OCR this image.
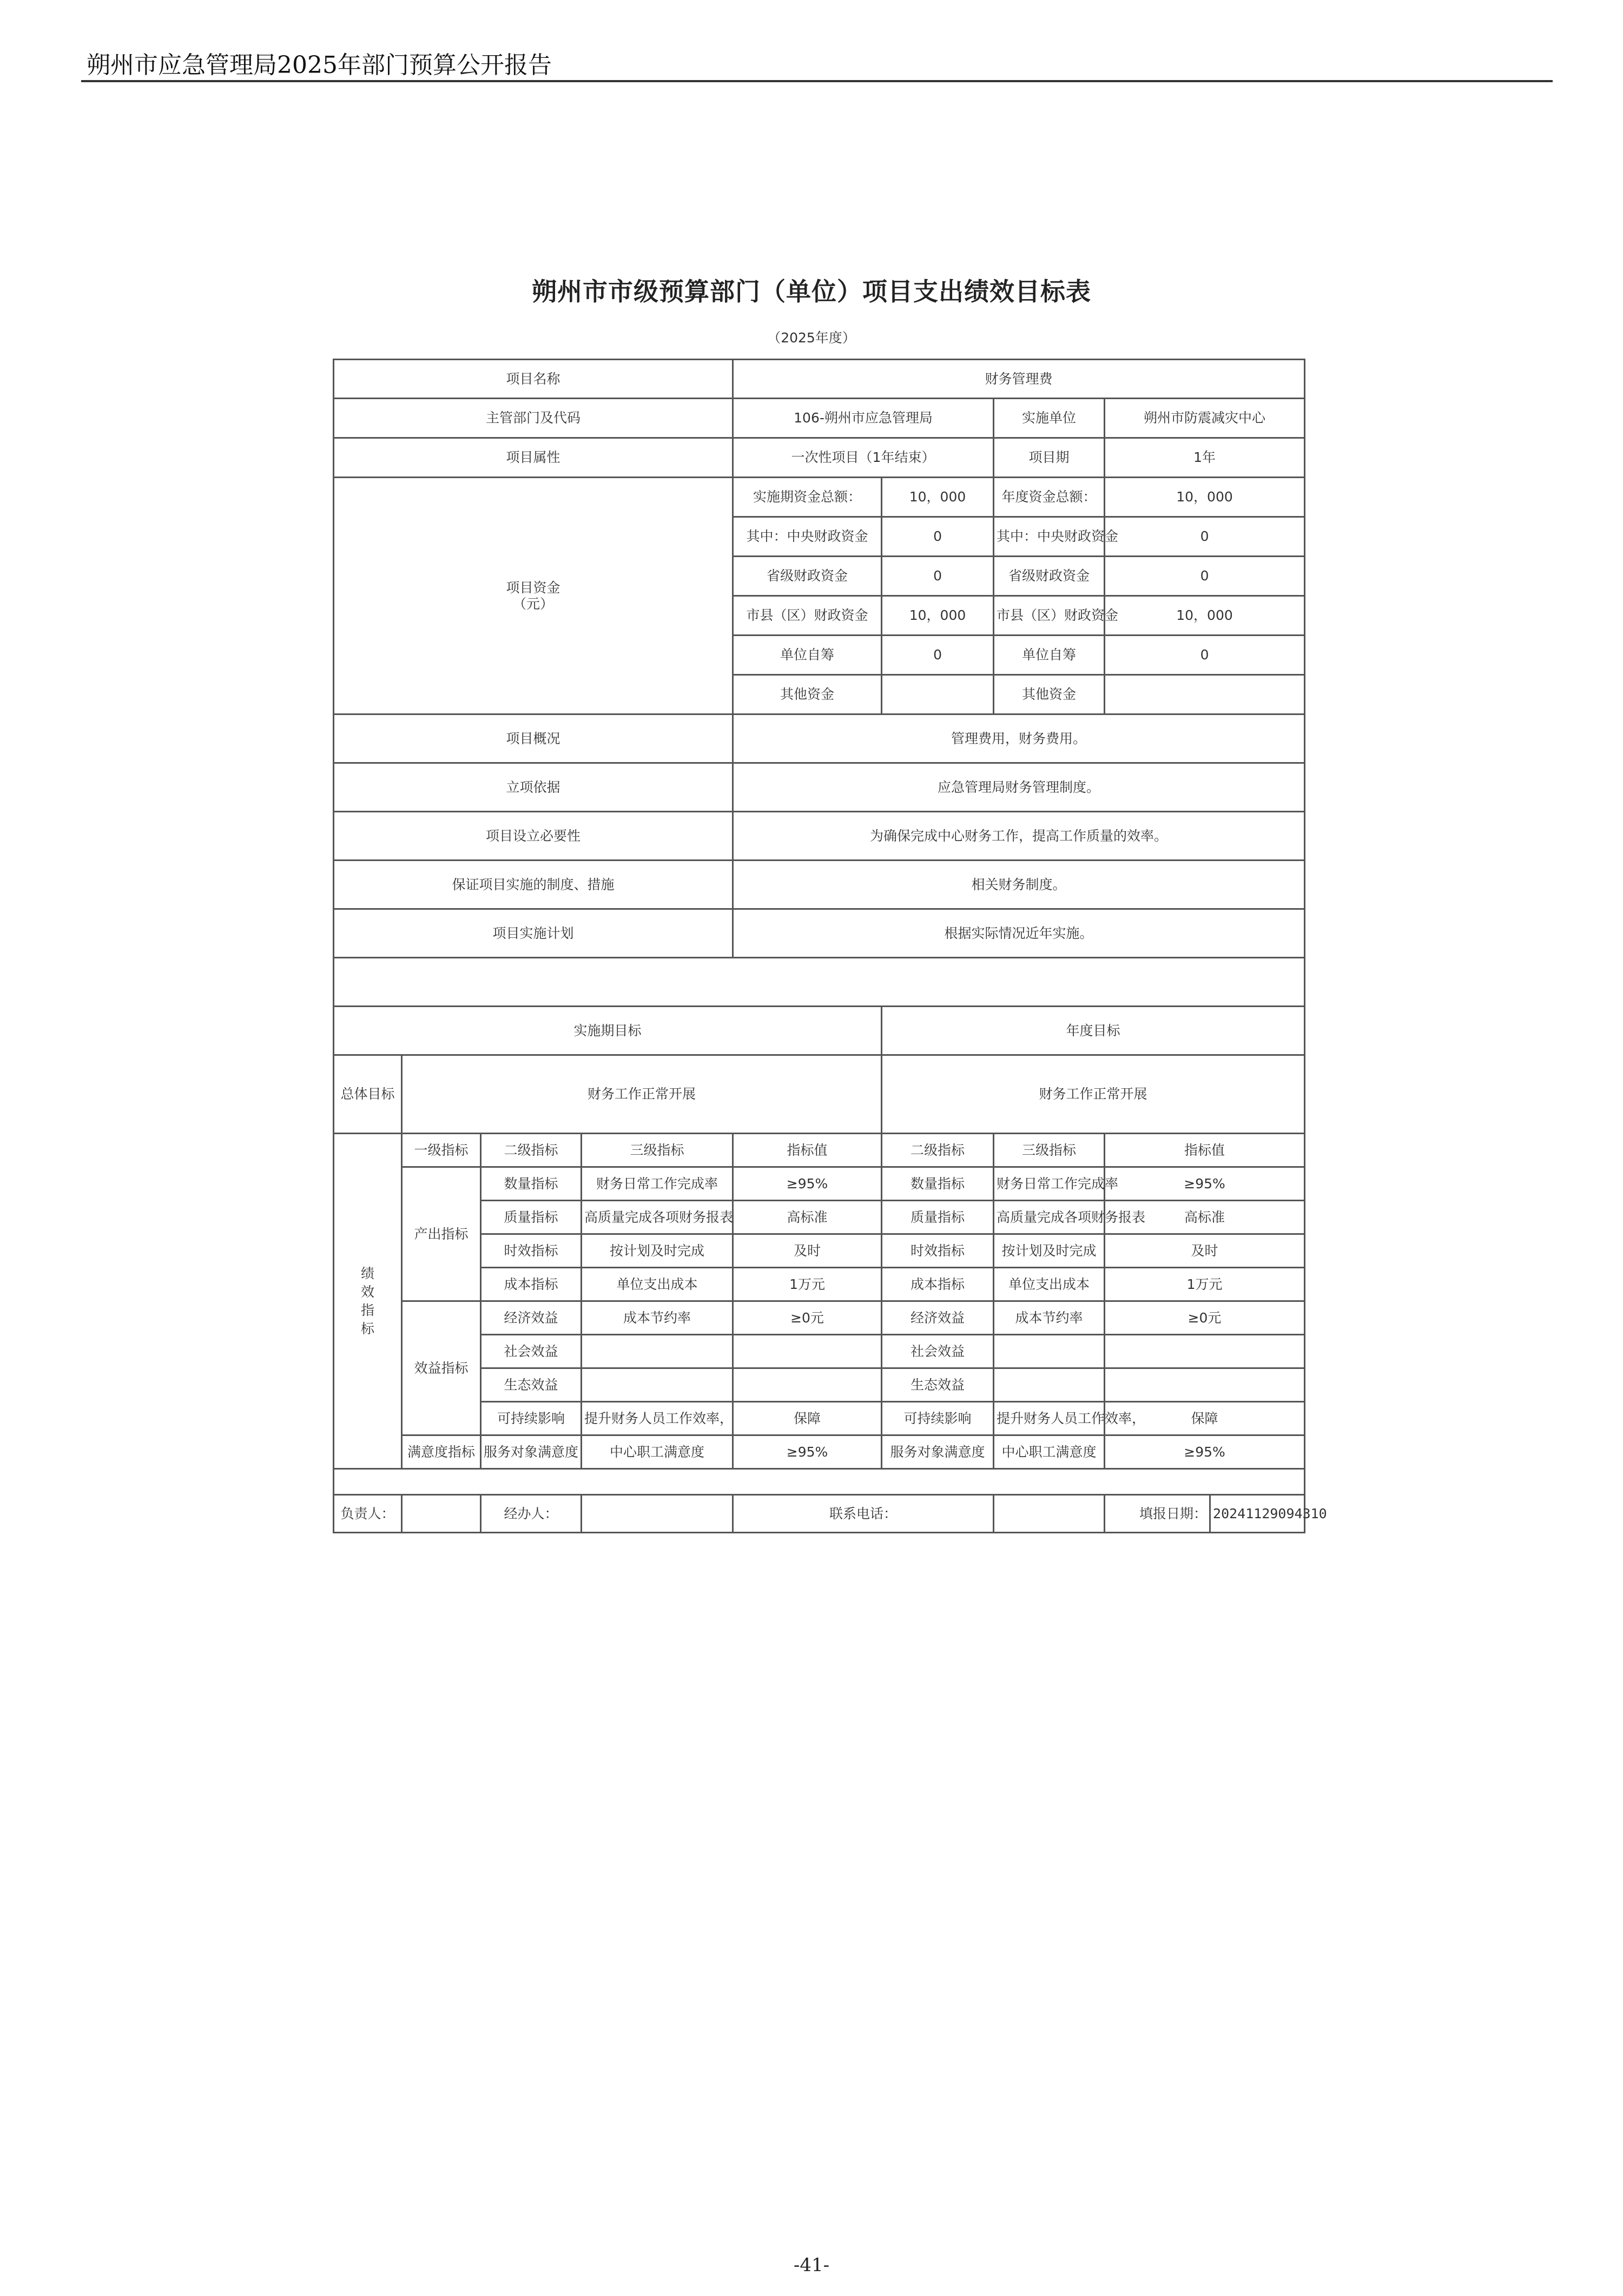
朔州市应急管理局2025年部门预算公开报告
朔州市市级预算部门（单位）项目支出绩效目标表
（2025年度）
项目名称				财务管理费				
主管部门及代码				106-朔州市应急管理局		实施单位	朔州市防震减灾中心	
项目属性				一次性项目（1年结束）		项目期	1年	

项目资金
（元）				实施期资金总额：	10，000	年度资金总额：	10，000	
				其中：中央财政资金	0	其中：中央财政资金	0	
				省级财政资金	0	省级财政资金	0	
				市县（区）财政资金	10，000	市县（区）财政资金	10，000	
				单位自筹	0	单位自筹	0	
				其他资金		其他资金		
项目概况				管理费用，财务费用。				
立项依据				应急管理局财务管理制度。				
项目设立必要性				为确保完成中心财务工作，提高工作质量的效率。				
保证项目实施的制度、措施				相关财务制度。				
项目实施计划				根据实际情况近年实施。				

实施期目标					年度目标			
总体目标	财务工作正常开展				财务工作正常开展			

绩效指标	一级指标	二级指标	三级指标	指标值	二级指标	三级指标	指标值	
	产出指标	数量指标	财务日常工作完成率	≥95%	数量指标	财务日常工作完成率	≥95%	
		质量指标	高质量完成各项财务报表	高标准	质量指标	高质量完成各项财务报表	高标准	
		时效指标	按计划及时完成	及时	时效指标	按计划及时完成	及时	
		成本指标	单位支出成本	1万元	成本指标	单位支出成本	1万元	
	效益指标	经济效益	成本节约率	≥0元	经济效益	成本节约率	≥0元	
		社会效益			社会效益			
		生态效益			生态效益			
		可持续影响	提升财务人员工作效率，	保障	可持续影响	提升财务人员工作效率，	保障	
	满意度指标	服务对象满意度	中心职工满意度	≥95%	服务对象满意度	中心职工满意度	≥95%	

负责人：		经办人：		联系电话：			填报日期：	20241129094310
-41-
